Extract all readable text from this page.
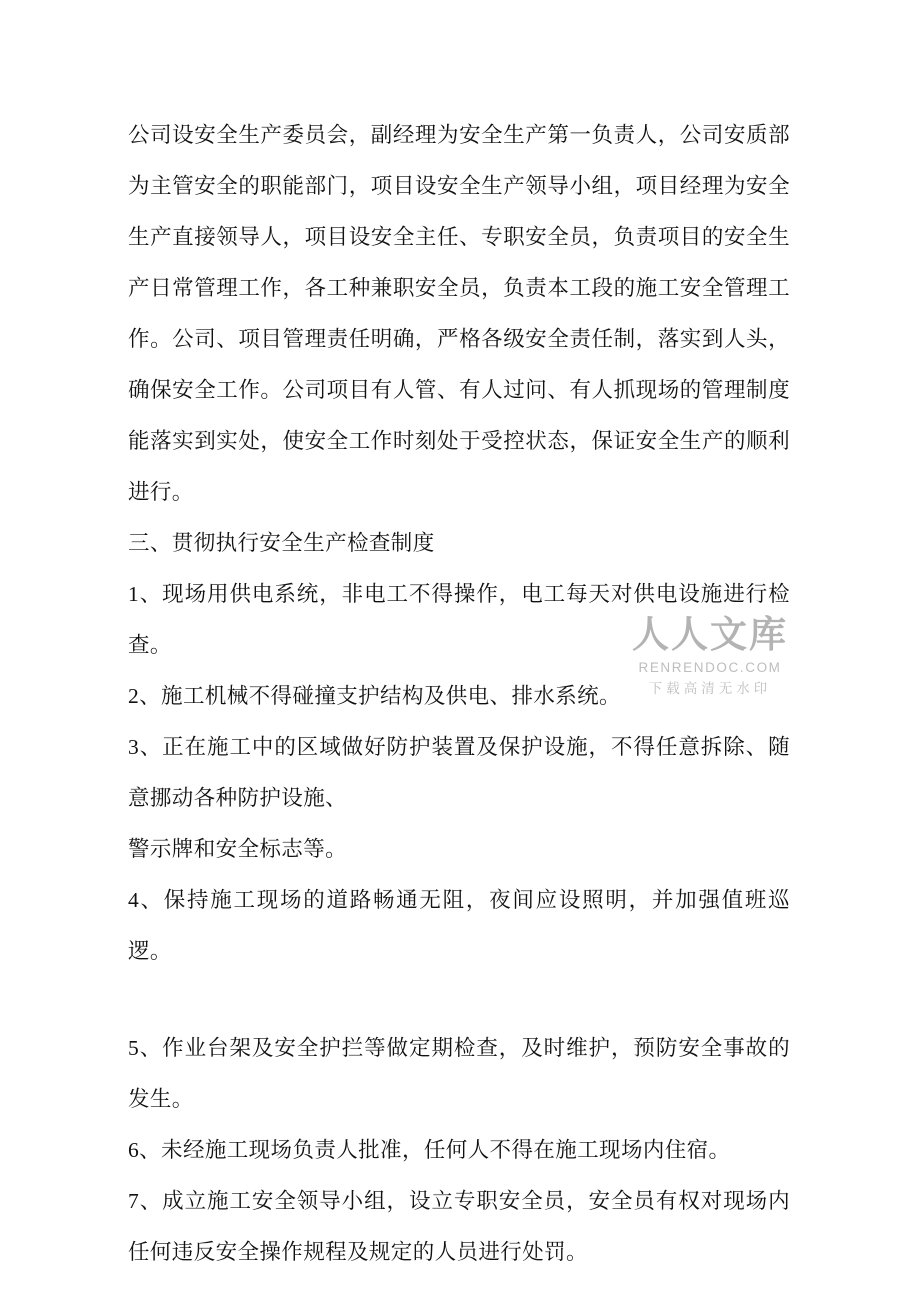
人人文库
RENRENDOC.COM
下载高清无水印

公司设安全生产委员会，副经理为安全生产第一负责人，公司安质部为主管安全的职能部门，项目设安全生产领导小组，项目经理为安全生产直接领导人，项目设安全主任、专职安全员，负责项目的安全生产日常管理工作，各工种兼职安全员，负责本工段的施工安全管理工作。公司、项目管理责任明确，严格各级安全责任制，落实到人头，确保安全工作。公司项目有人管、有人过问、有人抓现场的管理制度能落实到实处，使安全工作时刻处于受控状态，保证安全生产的顺利进行。

三、贯彻执行安全生产检查制度

1、现场用供电系统，非电工不得操作，电工每天对供电设施进行检查。

2、施工机械不得碰撞支护结构及供电、排水系统。

3、正在施工中的区域做好防护装置及保护设施，不得任意拆除、随意挪动各种防护设施、

警示牌和安全标志等。

4、保持施工现场的道路畅通无阻，夜间应设照明，并加强值班巡逻。

5、作业台架及安全护拦等做定期检查，及时维护，预防安全事故的发生。

6、未经施工现场负责人批准，任何人不得在施工现场内住宿。

7、成立施工安全领导小组，设立专职安全员，安全员有权对现场内任何违反安全操作规程及规定的人员进行处罚。
